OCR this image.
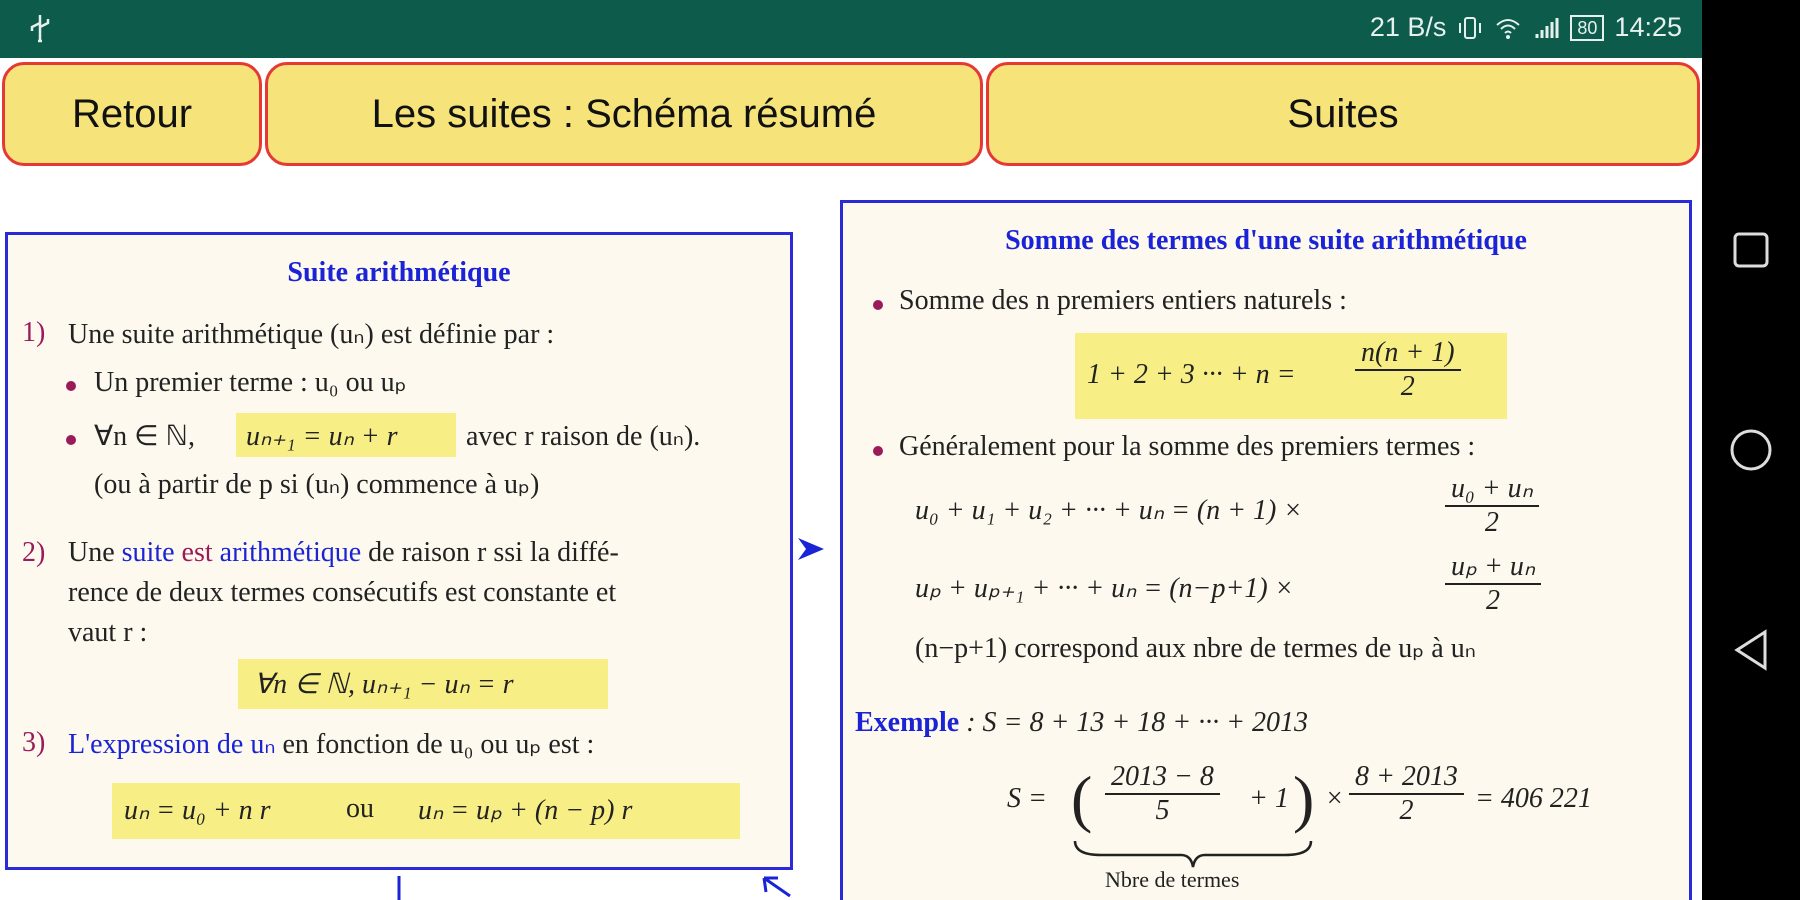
21 B/s	80 14:25
Retour	Les suites : Schéma résumé	Suites
Suite arithmétique
1) Une suite arithmétique (uₙ) est définie par :
Un premier terme : u₀ ou uₚ
∀n ∈ ℕ, uₙ₊₁ = uₙ + r avec r raison de (uₙ).
(ou à partir de p si (uₙ) commence à uₚ)
2) Une suite est arithmétique de raison r ssi la diffé-
rence de deux termes consécutifs est constante et
vaut r :
∀n ∈ ℕ, uₙ₊₁ − uₙ = r
3) L'expression de uₙ en fonction de u₀ ou uₚ est :
uₙ = u₀ + n r	ou uₙ = uₚ + (n − p) r
Somme des termes d'une suite arithmétique
Somme des n premiers entiers naturels :
1 + 2 + 3 ··· + $n = \frac{n(n + 1)}{2}$
Généralement pour la somme des premiers termes :
u₀ + u₁ + u₂ + ··· + uₙ = (n + 1) ×	$\frac{\text{u₀ + uₙ}}{2}$
uₚ + uₚ₊₁ + ··· + uₙ = (n−p+1) ×	$\frac{\text{uₚ + uₙ}}{2}$
(n−p+1) correspond aux nbre de termes de uₚ à uₙ
Exemple : S = 8 + 13 + 18 + ··· + 2013
S = ( $\frac{2013 - 8}{5} + 1$ ) × $\frac{8 + 2013}{2} = 406$ 221
Nbre de termes
